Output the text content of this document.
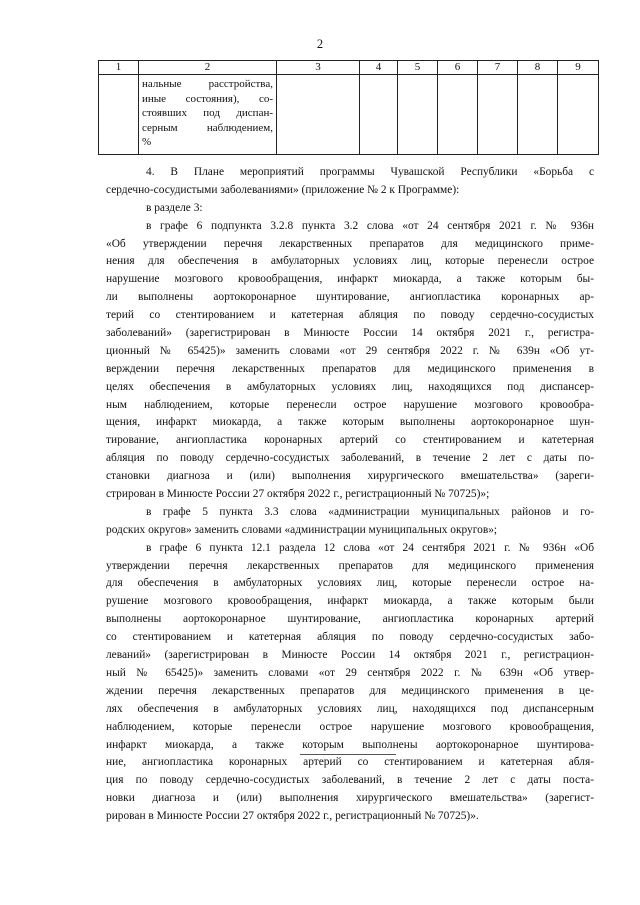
2
1	2	3	4	5	6	7	8	9

	нальные расстройства,
иные состояния), со-
стоявших под диспан-
серным наблюдением,
%							

4. В Плане мероприятий программы Чувашской Республики «Борьба с
сердечно-сосудистыми заболеваниями» (приложение № 2 к Программе):
в разделе 3:
в графе 6 подпункта 3.2.8 пункта 3.2 слова «от 24 сентября 2021 г. № 936н
«Об утверждении перечня лекарственных препаратов для медицинского приме-
нения для обеспечения в амбулаторных условиях лиц, которые перенесли острое
нарушение мозгового кровообращения, инфаркт миокарда, а также которым бы-
ли выполнены аортокоронарное шунтирование, ангиопластика коронарных ар-
терий со стентированием и катетерная абляция по поводу сердечно-сосудистых
заболеваний» (зарегистрирован в Минюсте России 14 октября 2021 г., регистра-
ционный № 65425)» заменить словами «от 29 сентября 2022 г. № 639н «Об ут-
верждении перечня лекарственных препаратов для медицинского применения в
целях обеспечения в амбулаторных условиях лиц, находящихся под диспансер-
ным наблюдением, которые перенесли острое нарушение мозгового кровообра-
щения, инфаркт миокарда, а также которым выполнены аортокоронарное шун-
тирование, ангиопластика коронарных артерий со стентированием и катетерная
абляция по поводу сердечно-сосудистых заболеваний, в течение 2 лет с даты по-
становки диагноза и (или) выполнения хирургического вмешательства» (зареги-
стрирован в Минюсте России 27 октября 2022 г., регистрационный № 70725)»;
в графе 5 пункта 3.3 слова «администрации муниципальных районов и го-
родских округов» заменить словами «администрации муниципальных округов»;
в графе 6 пункта 12.1 раздела 12 слова «от 24 сентября 2021 г. № 936н «Об
утверждении перечня лекарственных препаратов для медицинского применения
для обеспечения в амбулаторных условиях лиц, которые перенесли острое на-
рушение мозгового кровообращения, инфаркт миокарда, а также которым были
выполнены аортокоронарное шунтирование, ангиопластика коронарных артерий
со стентированием и катетерная абляция по поводу сердечно-сосудистых забо-
леваний» (зарегистрирован в Минюсте России 14 октября 2021 г., регистрацион-
ный № 65425)» заменить словами «от 29 сентября 2022 г. № 639н «Об утвер-
ждении перечня лекарственных препаратов для медицинского применения в це-
лях обеспечения в амбулаторных условиях лиц, находящихся под диспансерным
наблюдением, которые перенесли острое нарушение мозгового кровообращения,
инфаркт миокарда, а также которым выполнены аортокоронарное шунтирова-
ние, ангиопластика коронарных артерий со стентированием и катетерная абля-
ция по поводу сердечно-сосудистых заболеваний, в течение 2 лет с даты поста-
новки диагноза и (или) выполнения хирургического вмешательства» (зарегист-
рирован в Минюсте России 27 октября 2022 г., регистрационный № 70725)».
